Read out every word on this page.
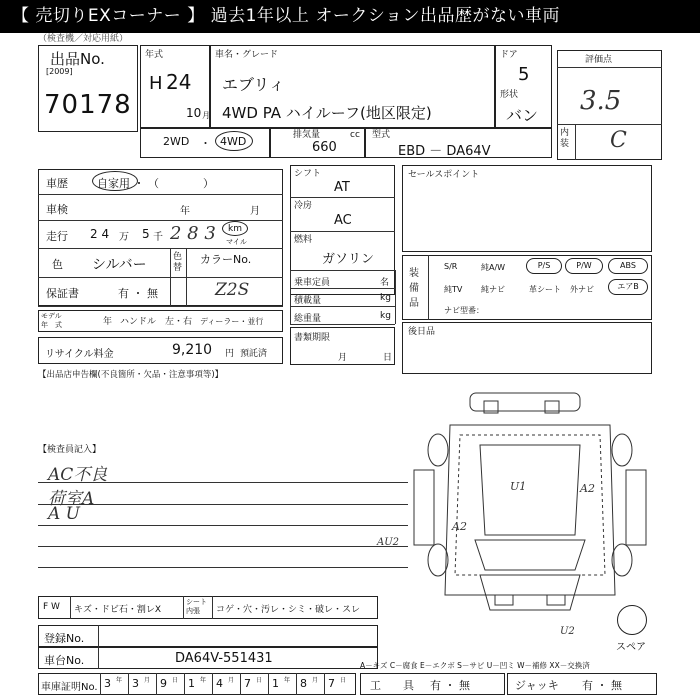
【 売切りEXコーナー 】 過去1年以上 オークション出品歴がない車両
（検査機／対応用紙）
出品No.
[2009]
70178
年式
H 24
10 月
車名・グレード
エブリィ
4WD PA ハイルーフ(地区限定)
ドア
5
形状
バン
評価点
3.5
内装 C
2WD ・ 4WD	排気量	cc
660
型式
EBD － DA64V
車歴	自家用 ・ （　　　　）
車検	年	月
走行 2 4 万 5 千 2 8 3 km
マイル
色 シルバー	色替
カラーNo.
Z2S
保証書	有 ・ 無
モデル
年　式	年 ハンドル　左・右 ディーラー・並行
リサイクル料金	9,210 円 預託済
シフト
AT
冷房
AC
燃料
ガソリン
乗車定員	名
積載量	kg
総重量	kg
書類期限
月	日
セールスポイント
装備品
S/R	純A/W	P/S	P/W	ABS
純TV 純ナビ	革シート 外ナビ	エアB
ナビ型番：
後日品
【出品店申告欄(不良箇所・欠品・注意事項等)】
【検査員記入】
AC不良
荷室A
A U
U1	A2
A2
AU2
U2
スペア
F W キズ・ドビ石・割レX
シート 内張	コゲ・穴・汚レ・シミ・破レ・スレ
登録No.
車台No.	DA64V-551431	A－キズ C－腐食 E－エクボ S－サビ U－凹ミ W－補修 XX－交換済
車庫証明No. 3 年 3 月 9 日 1 年 4 月 7 日 1 年 8 月 7 日 工　　具 有 ・ 無	ジャッキ 有 ・ 無
